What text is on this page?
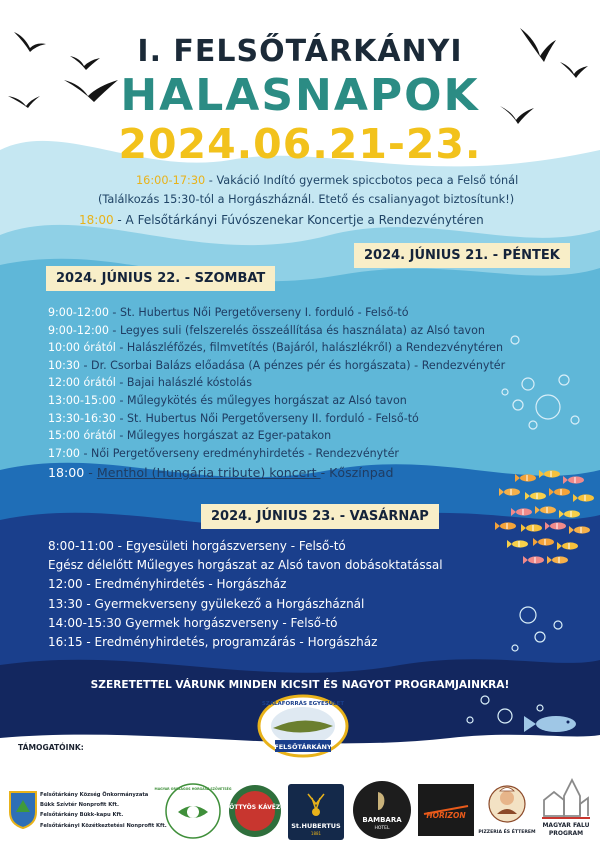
I. FELSŐTÁRKÁNYI
HALASNAPOK
2024.06.21-23.
16:00-17:30 - Vakáció Indító gyermek spiccbotos peca a Felső tónál
(Találkozás 15:30-tól a Horgászháznál. Etető és csalianyagot biztosítunk!)
18:00 - A Felsőtárkányi Fúvószenekar Koncertje a Rendezvénytéren
2024. JÚNIUS 21. - PÉNTEK
2024. JÚNIUS 22. - SZOMBAT
9:00-12:00 - St. Hubertus Női Pergetőverseny I. forduló - Felső-tó
9:00-12:00 - Legyes suli (felszerelés összeállítása és használata) az Alsó tavon
10:00 órától - Halászléfőzés, filmvetítés (Bajáról, halászlékről) a Rendezvénytéren
10:30 - Dr. Csorbai Balázs előadása (A pénzes pér és horgászata) - Rendezvénytér
12:00 órától - Bajai halászlé kóstolás
13:00-15:00 - Műlegykötés és műlegyes horgászat az Alsó tavon
13:30-16:30 - St. Hubertus Női Pergetőverseny II. forduló - Felső-tó
15:00 órától - Műlegyes horgászat az Eger-patakon
17:00 - Női Pergetőverseny eredményhirdetés - Rendezvénytér
18:00 - Menthol (Hungária tribute) koncert - Kőszínpad
2024. JÚNIUS 23. - VASÁRNAP
8:00-11:00 - Egyesületi horgászverseny - Felső-tó
Egész délelőtt Műlegyes horgászat az Alsó tavon dobásoktatással
12:00 - Eredményhirdetés - Horgászház
13:30 - Gyermekverseny gyülekező a Horgászháznál
14:00-15:30 Gyermek horgászverseny - Felső-tó
16:15 - Eredményhirdetés, programzárás - Horgászház
SZERETETTEL VÁRUNK MINDEN KICSIT ÉS NAGYOT PROGRAMJAINKRA!
FELSŐTÁRKÁNY
SZALAFORRÁS EGYESÜLET
TÁMOGATÓINK:
Felsőtárkány Község Önkormányzata
Bükk Szívtér Nonprofit Kft.
Felsőtárkány Bükk-kapu Kft.
Felsőtárkányi Közétkeztetési Nonprofit Kft.
MAGYAR ORSZÁGOS HORGÁSZ SZÖVETSÉG
PÖTTYÖS KÁVÉZÓ
St.HUBERTUS
1881
BAMBARA
HOTEL
HORIZON
PIZZERIA ÉS ÉTTEREM
MAGYAR FALU
PROGRAM
